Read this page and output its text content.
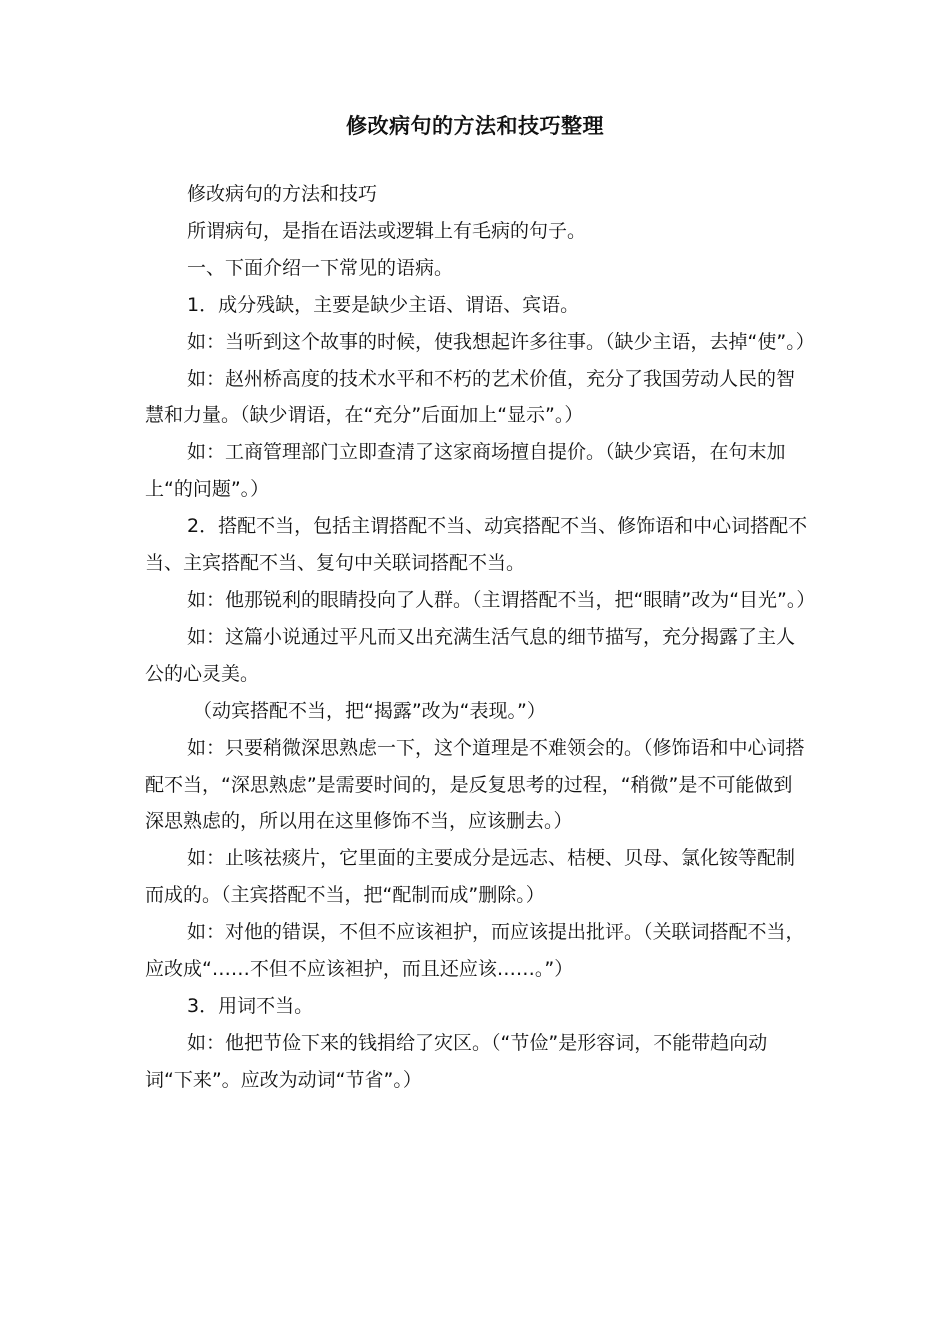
修改病句的方法和技巧整理

修改病句的方法和技巧

所谓病句，是指在语法或逻辑上有毛病的句子。

一、下面介绍一下常见的语病。

1．成分残缺，主要是缺少主语、谓语、宾语。

如：当听到这个故事的时候，使我想起许多往事。（缺少主语，去掉“使”。）

如：赵州桥高度的技术水平和不朽的艺术价值，充分了我国劳动人民的智慧和力量。（缺少谓语，在“充分”后面加上“显示”。）

如：工商管理部门立即查清了这家商场擅自提价。（缺少宾语，在句末加上“的问题”。）

2．搭配不当，包括主谓搭配不当、动宾搭配不当、修饰语和中心词搭配不当、主宾搭配不当、复句中关联词搭配不当。

如：他那锐利的眼睛投向了人群。（主谓搭配不当，把“眼睛”改为“目光”。）

如：这篇小说通过平凡而又出充满生活气息的细节描写，充分揭露了主人公的心灵美。

（动宾搭配不当，把“揭露”改为“表现。”）

如：只要稍微深思熟虑一下，这个道理是不难领会的。（修饰语和中心词搭配不当，“深思熟虑”是需要时间的，是反复思考的过程，“稍微”是不可能做到深思熟虑的，所以用在这里修饰不当，应该删去。）

如：止咳祛痰片，它里面的主要成分是远志、桔梗、贝母、氯化铵等配制而成的。（主宾搭配不当，把“配制而成”删除。）

如：对他的错误，不但不应该袒护，而应该提出批评。（关联词搭配不当，应改成“……不但不应该袒护，而且还应该……。”）

3．用词不当。

如：他把节俭下来的钱捐给了灾区。（“节俭”是形容词，不能带趋向动词“下来”。应改为动词“节省”。）
